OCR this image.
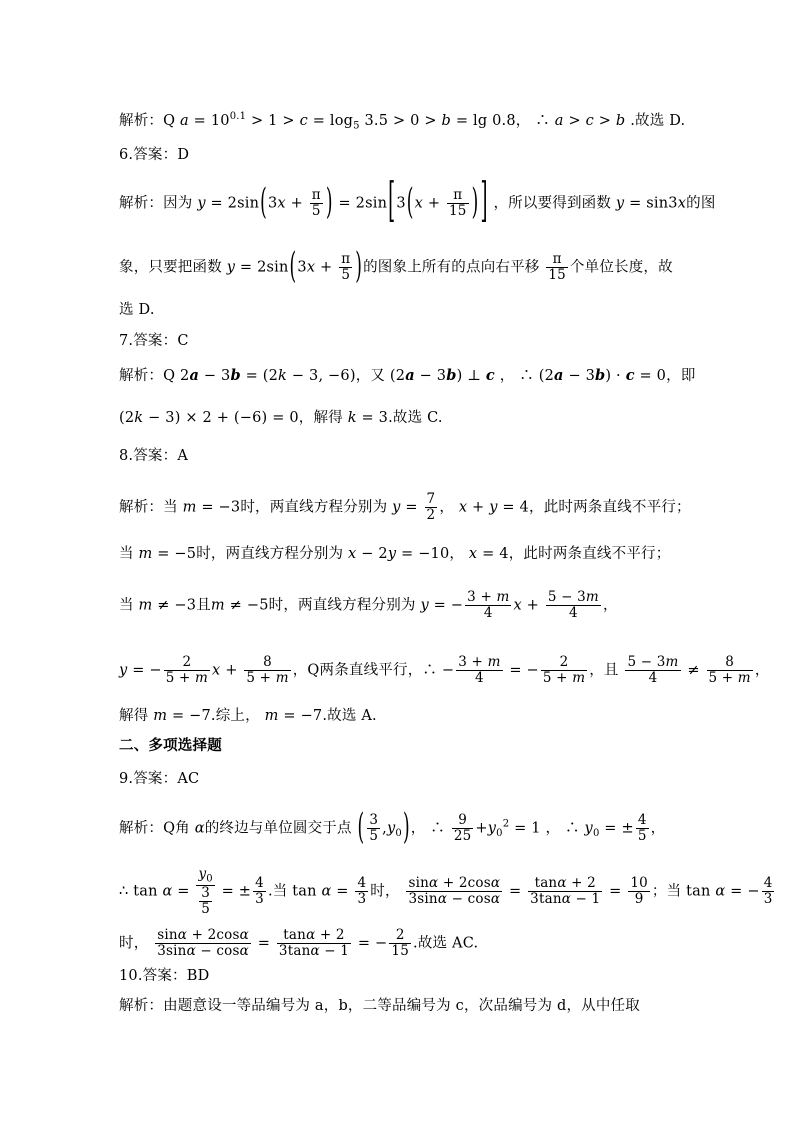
解析：Q $a = 10^{0.1} > 1 > c = \log_5 3.5 > 0 > b = \lg 0.8$， ∴ a > c > b .故选 D.
6.答案：D
解析：因为 $y = 2\sin(3x + \frac{\pi}{5}$ ) = $2\sin[3(x + \frac{\pi}{15}$ ) ] ，所以要得到函数 y = sin3x的图
象，只要把函数 $y = 2\sin(3x + \frac{\pi}{5}$ )的图象上所有的点向右平移 $\frac{\pi}{15}$ 个单位长度，故
选 D.
7.答案：C
解析：Q 2a − 3b = (2k − 3, −6)，又 (2a − 3b) ⊥ c ， ∴ (2a − 3b) · c = 0，即
(2k − 3) × 2 + (−6) = 0，解得 k = 3.故选 C.
8.答案：A
解析：当 m = −3时，两直线方程分别为 $y = \frac{7}{2}$ ， x + y = 4，此时两条直线不平行；
当 m = −5时，两直线方程分别为 x − 2y = −10， x = 4，此时两条直线不平行；
当 m ≠ −3且m ≠ −5时，两直线方程分别为 y = − $\frac{3 + m}{4}$ $x + \frac{5 - 3m}{4}$ ，
y = − $\frac{2}{5 + m}$ $x + \frac{8}{5 + m}$ ，Q两条直线平行，∴ − $\frac{3 + m}{4}$ = − $\frac{2}{5 + m}$ ，且 $\frac{5 - 3m}{4} \ne \frac{8}{5 + m}$ ，
解得 m = −7.综上， m = −7.故选 A.
二、多项选择题
9.答案：AC
解析：Q角 α的终边与单位圆交于点 ( $\frac{3}{5} ,y_0$)， ∴ $\frac{9}{25} +y_0^2 = 1$ ， ∴ $y_0$ = ± $\frac{4}{5}$ ，
∴ $\tan \alpha = \frac{y_0}{\frac{3}{5}}$ = ± $\frac{4}{3}$ .当 $\tan \alpha = \frac{4}{3}$ 时， $\frac{\sin\alpha + 2\cos\alpha}{3\sin\alpha - \cos\alpha} = \frac{\tan\alpha + 2}{3\tan\alpha - 1} = \frac{10}{9}$ ；当 tan α = − $\frac{4}{3}$
时， $\frac{\sin\alpha + 2\cos\alpha}{3\sin\alpha - \cos\alpha} = \frac{\tan\alpha + 2}{3\tan\alpha - 1}$ = − $\frac{2}{15}$ .故选 AC.
10.答案：BD
解析：由题意设一等品编号为 a，b，二等品编号为 c，次品编号为 d，从中任取
